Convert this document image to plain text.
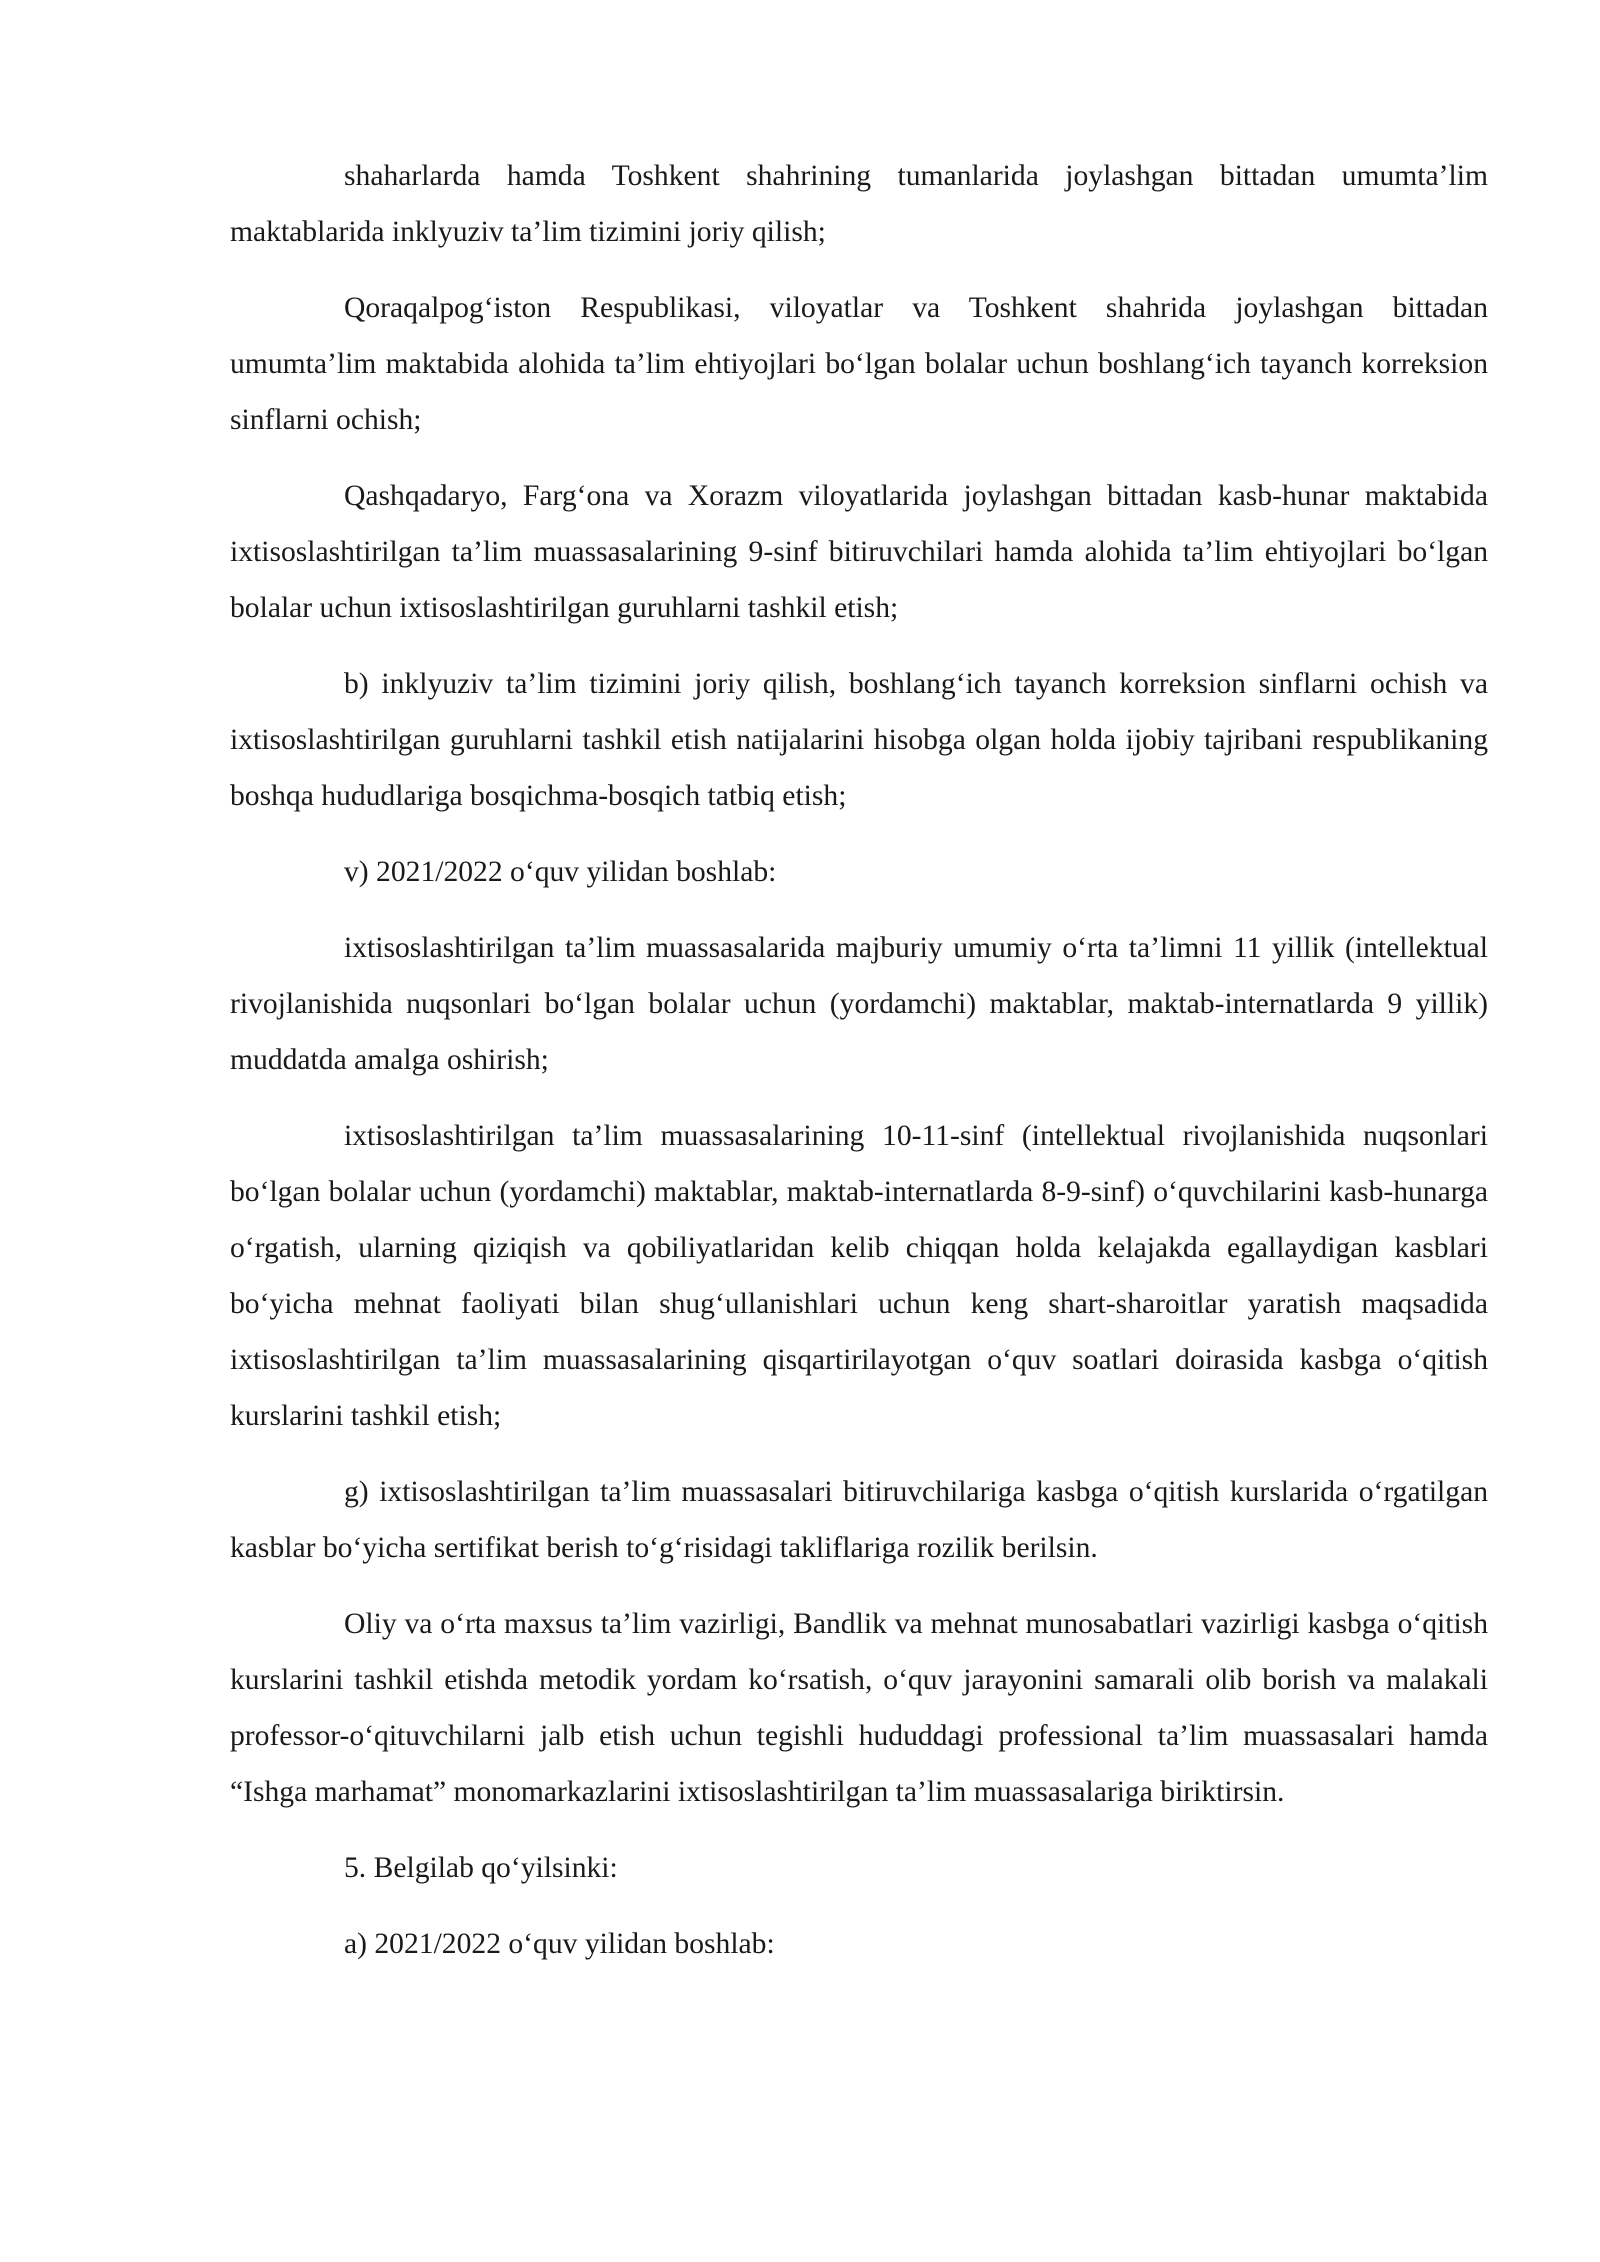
shaharlarda hamda Toshkent shahrining tumanlarida joylashgan bittadan umumta’lim maktablarida inklyuziv ta’lim tizimini joriy qilish;

Qoraqalpog‘iston Respublikasi, viloyatlar va Toshkent shahrida joylashgan bittadan umumta’lim maktabida alohida ta’lim ehtiyojlari bo‘lgan bolalar uchun boshlang‘ich tayanch korreksion sinflarni ochish;

Qashqadaryo, Farg‘ona va Xorazm viloyatlarida joylashgan bittadan kasb-hunar maktabida ixtisoslashtirilgan ta’lim muassasalarining 9-sinf bitiruvchilari hamda alohida ta’lim ehtiyojlari bo‘lgan bolalar uchun ixtisoslashtirilgan guruhlarni tashkil etish;

b) inklyuziv ta’lim tizimini joriy qilish, boshlang‘ich tayanch korreksion sinflarni ochish va ixtisoslashtirilgan guruhlarni tashkil etish natijalarini hisobga olgan holda ijobiy tajribani respublikaning boshqa hududlariga bosqichma-bosqich tatbiq etish;

v) 2021/2022 o‘quv yilidan boshlab:

ixtisoslashtirilgan ta’lim muassasalarida majburiy umumiy o‘rta ta’limni 11 yillik (intellektual rivojlanishida nuqsonlari bo‘lgan bolalar uchun (yordamchi) maktablar, maktab-internatlarda 9 yillik) muddatda amalga oshirish;

ixtisoslashtirilgan ta’lim muassasalarining 10-11-sinf (intellektual rivojlanishida nuqsonlari bo‘lgan bolalar uchun (yordamchi) maktablar, maktab-internatlarda 8-9-sinf) o‘quvchilarini kasb-hunarga o‘rgatish, ularning qiziqish va qobiliyatlaridan kelib chiqqan holda kelajakda egallaydigan kasblari bo‘yicha mehnat faoliyati bilan shug‘ullanishlari uchun keng shart-sharoitlar yaratish maqsadida ixtisoslashtirilgan ta’lim muassasalarining qisqartirilayotgan o‘quv soatlari doirasida kasbga o‘qitish kurslarini tashkil etish;

g) ixtisoslashtirilgan ta’lim muassasalari bitiruvchilariga kasbga o‘qitish kurslarida o‘rgatilgan kasblar bo‘yicha sertifikat berish to‘g‘risidagi takliflariga rozilik berilsin.

Oliy va o‘rta maxsus ta’lim vazirligi, Bandlik va mehnat munosabatlari vazirligi kasbga o‘qitish kurslarini tashkil etishda metodik yordam ko‘rsatish, o‘quv jarayonini samarali olib borish va malakali professor-o‘qituvchilarni jalb etish uchun tegishli hududdagi professional ta’lim muassasalari hamda “Ishga marhamat” monomarkazlarini ixtisoslashtirilgan ta’lim muassasalariga biriktirsin.

5. Belgilab qo‘yilsinki:

a) 2021/2022 o‘quv yilidan boshlab:
